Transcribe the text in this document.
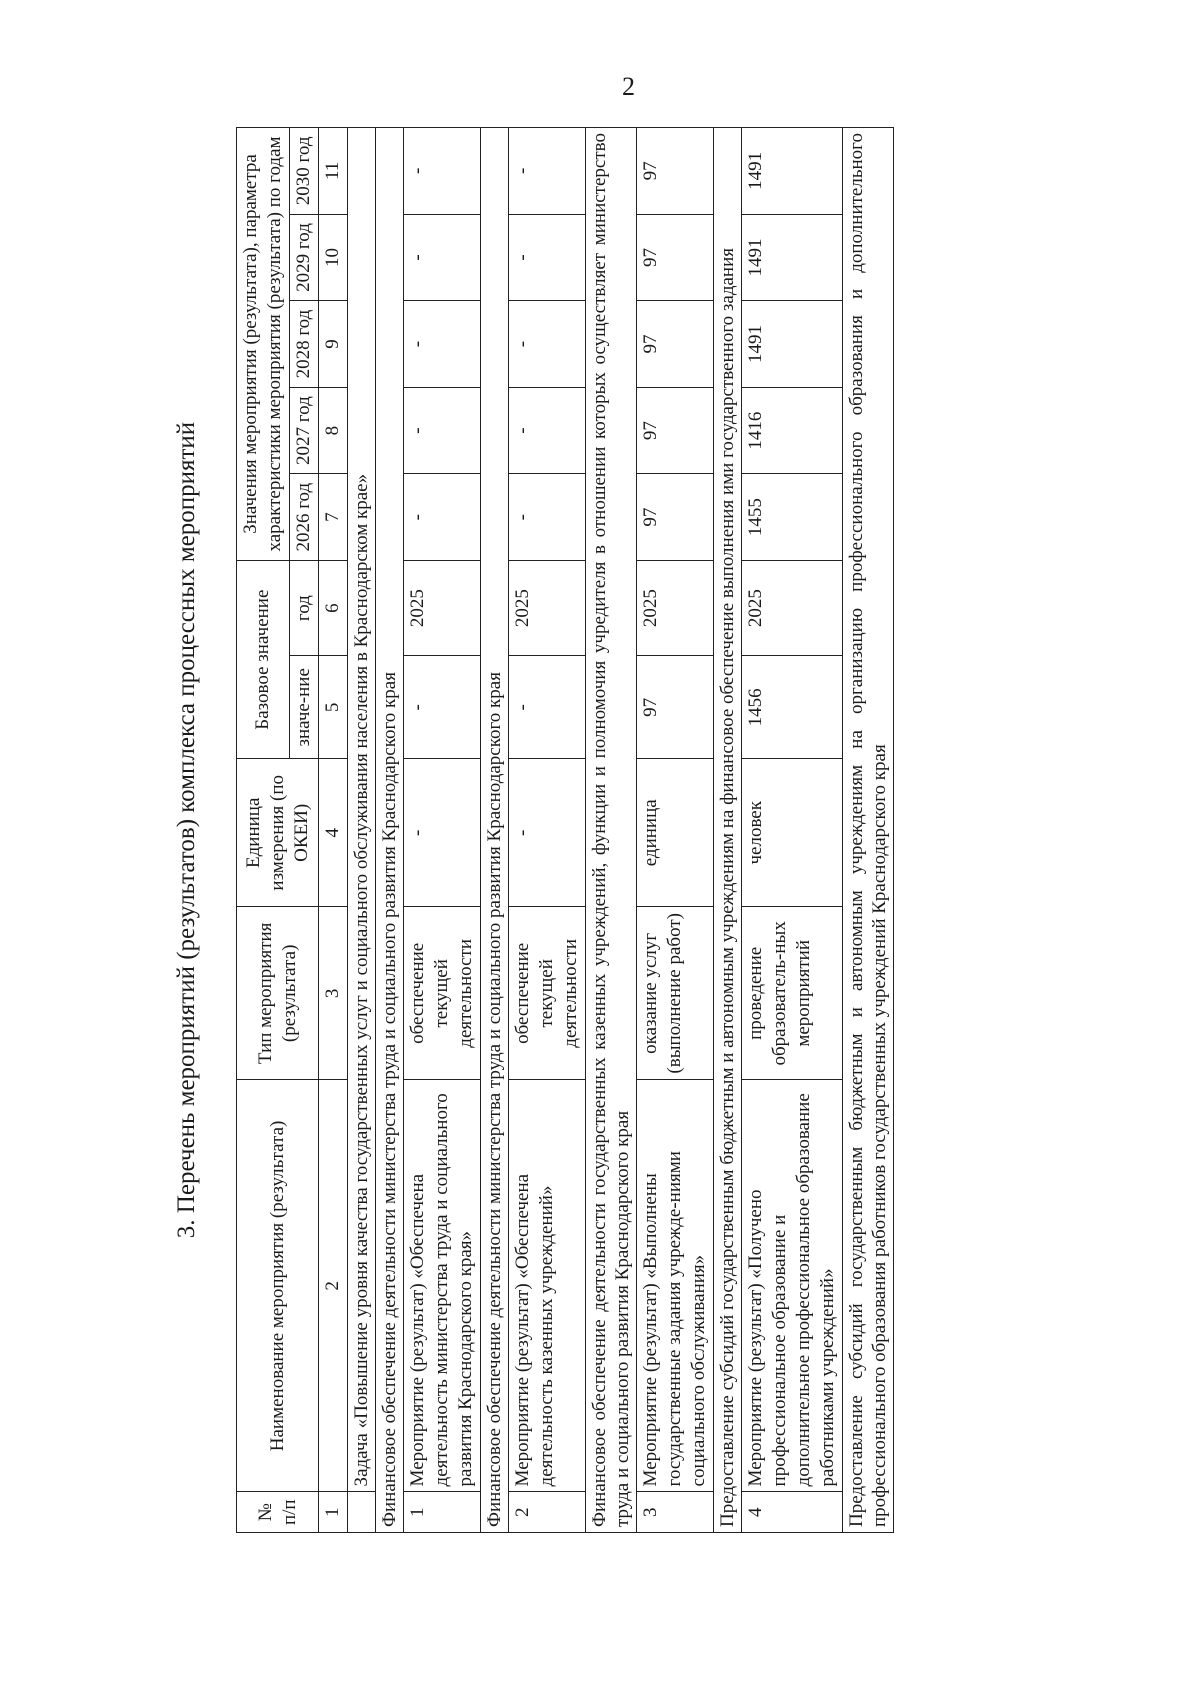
2
3. Перечень мероприятий (результатов) комплекса процессных мероприятий
№ п/п	Наименование мероприятия (результата)	Тип мероприятия (результата)	Единица измерения (по ОКЕИ)	Базовое значение		Значения мероприятия (результата), параметра характеристики мероприятия (результата) по годам				
				значе-ние	год	2026 год	2027 год	2028 год	2029 год	2030 год
1	2	3	4	5	6	7	8	9	10	11
	Задача «Повышение уровня качества государственных услуг и социального обслуживания населения в Краснодарском крае»									
Финансовое обеспечение деятельности министерства труда и социального развития Краснодарского края										
1	Мероприятие (результат) «Обеспечена деятельность министерства труда и социального развития Краснодарского края»	обеспечение текущей деятельности	-	-	2025	-	-	-	-	-
Финансовое обеспечение деятельности министерства труда и социального развития Краснодарского края										
2	Мероприятие (результат) «Обеспечена деятельность казенных учреждений»	обеспечение текущей деятельности	-	-	2025	-	-	-	-	-
Финансовое обеспечение деятельности государственных казенных учреждений, функции и полномочия учредителя в отношении которых осуществляет министерство труда и социального развития Краснодарского края										
3	Мероприятие (результат) «Выполнены государственные задания учрежде-ниями социального обслуживания»	оказание услуг (выполнение работ)	единица	97	2025	97	97	97	97	97
Предоставление субсидий государственным бюджетным и автономным учреждениям на финансовое обеспечение выполнения ими государственного задания										
4	Мероприятие (результат) «Получено профессиональное образование и дополнительное профессиональное образование работниками учреждений»	проведение образователь-ных мероприятий	человек	1456	2025	1455	1416	1491	1491	1491
Предоставление субсидий государственным бюджетным и автономным учреждениям на организацию профессионального образования и дополнительного профессионального образования работников государственных учреждений Краснодарского края										
